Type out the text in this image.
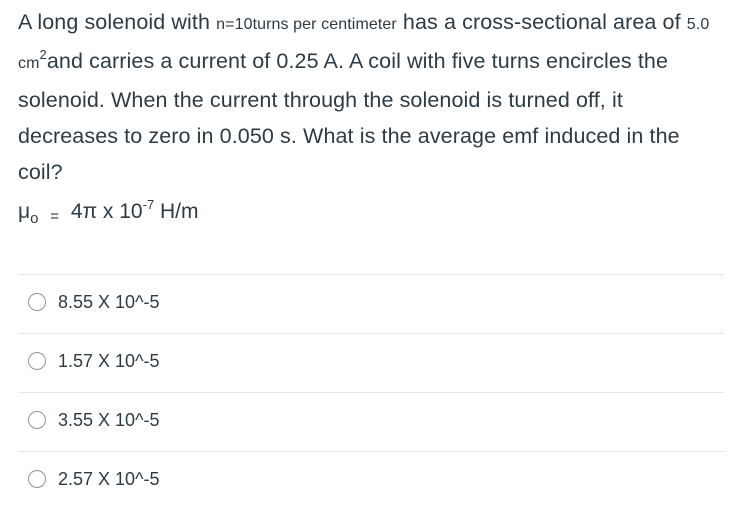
A long solenoid with n=10turns per centimeter has a cross-sectional area of 5.0 $cm^2and$ carries a current of 0.25 A. A coil with five turns encircles the solenoid. When the current through the solenoid is turned off, it decreases to zero in 0.050 s. What is the average emf induced in the coil?
$\mu_o = 4\pi$ x $10^{-7}$ H/m
8.55 X 10^-5
1.57 X 10^-5
3.55 X 10^-5
2.57 X 10^-5
